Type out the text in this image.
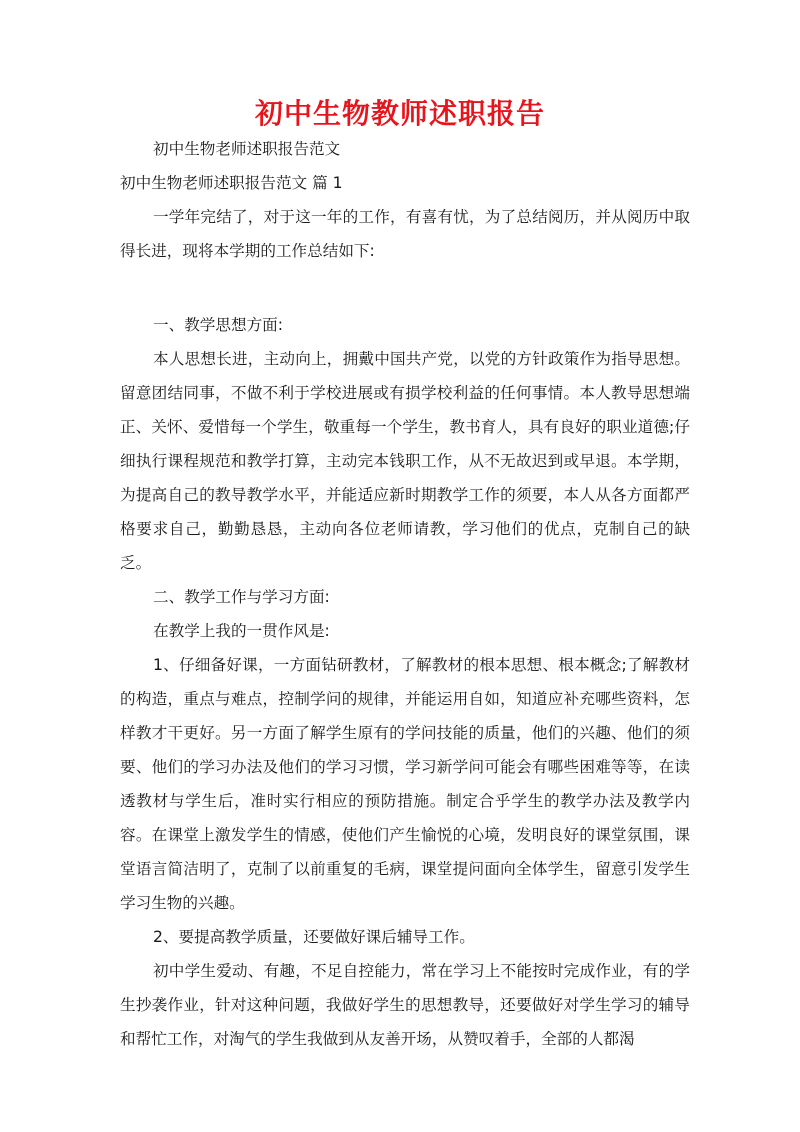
初中生物教师述职报告

初中生物老师述职报告范文

初中生物老师述职报告范文 篇 1

一学年完结了，对于这一年的工作，有喜有忧，为了总结阅历，并从阅历中取得长进，现将本学期的工作总结如下:

一、教学思想方面:

本人思想长进，主动向上，拥戴中国共产党，以党的方针政策作为指导思想。留意团结同事，不做不利于学校进展或有损学校利益的任何事情。本人教导思想端正、关怀、爱惜每一个学生，敬重每一个学生，教书育人，具有良好的职业道德;仔细执行课程规范和教学打算，主动完本钱职工作，从不无故迟到或早退。本学期，为提高自己的教导教学水平，并能适应新时期教学工作的须要，本人从各方面都严格要求自己，勤勤恳恳，主动向各位老师请教，学习他们的优点，克制自己的缺乏。

二、教学工作与学习方面:

在教学上我的一贯作风是:

1、仔细备好课，一方面钻研教材，了解教材的根本思想、根本概念;了解教材的构造，重点与难点，控制学问的规律，并能运用自如，知道应补充哪些资料，怎样教才干更好。另一方面了解学生原有的学问技能的质量，他们的兴趣、他们的须要、他们的学习办法及他们的学习习惯，学习新学问可能会有哪些困难等等，在读透教材与学生后，准时实行相应的预防措施。制定合乎学生的教学办法及教学内容。在课堂上激发学生的情感，使他们产生愉悦的心境，发明良好的课堂氛围，课堂语言简洁明了，克制了以前重复的毛病，课堂提问面向全体学生，留意引发学生学习生物的兴趣。

2、要提高教学质量，还要做好课后辅导工作。

初中学生爱动、有趣，不足自控能力，常在学习上不能按时完成作业，有的学生抄袭作业，针对这种问题，我做好学生的思想教导，还要做好对学生学习的辅导和帮忙工作，对淘气的学生我做到从友善开场，从赞叹着手，全部的人都渴
